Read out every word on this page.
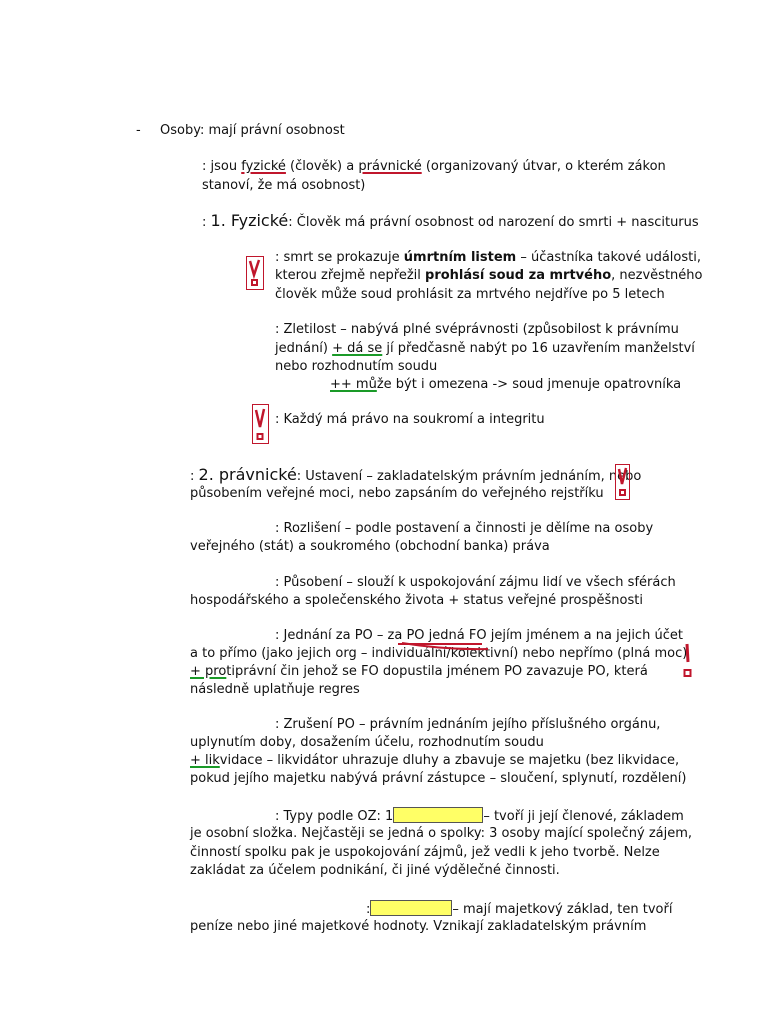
- Osoby: mají právní osobnost
: jsou fyzické (člověk) a právnické (organizovaný útvar, o kterém zákon
stanoví, že má osobnost)
: 1. Fyzické: Člověk má právní osobnost od narození do smrti + nasciturus
: smrt se prokazuje úmrtním listem – účastníka takové události,
kterou zřejmě nepřežil prohlásí soud za mrtvého, nezvěstného
člověk může soud prohlásit za mrtvého nejdříve po 5 letech
: Zletilost – nabývá plné svéprávnosti (způsobilost k právnímu
jednání) + dá se jí předčasně nabýt po 16 uzavřením manželství
nebo rozhodnutím soudu
++ může být i omezena -> soud jmenuje opatrovníka
: Každý má právo na soukromí a integritu
: 2. právnické: Ustavení – zakladatelským právním jednáním, nebo
působením veřejné moci, nebo zapsáním do veřejného rejstříku
: Rozlišení – podle postavení a činnosti je dělíme na osoby
veřejného (stát) a soukromého (obchodní banka) práva
: Působení – slouží k uspokojování zájmu lidí ve všech sférách
hospodářského a společenského života + status veřejné prospěšnosti
: Jednání za PO – za PO jedná FO jejím jménem a na jejich účet
a to přímo (jako jejich org – individuální/kolektivní) nebo nepřímo (plná moc)
+ protiprávní čin jehož se FO dopustila jménem PO zavazuje PO, která
následně uplatňuje regres
: Zrušení PO – právním jednáním jejího příslušného orgánu,
uplynutím doby, dosažením účelu, rozhodnutím soudu
+ likvidace – likvidátor uhrazuje dluhy a zbavuje se majetku (bez likvidace,
pokud jejího majetku nabývá právní zástupce – sloučení, splynutí, rozdělení)
: Typy podle OZ: 1	– tvoří ji její členové, základem
je osobní složka. Nejčastěji se jedná o spolky: 3 osoby mající společný zájem,
činností spolku pak je uspokojování zájmů, jež vedli k jeho tvorbě. Nelze
zakládat za účelem podnikání, či jiné výdělečné činnosti.
:	– mají majetkový základ, ten tvoří
peníze nebo jiné majetkové hodnoty. Vznikají zakladatelským právním
